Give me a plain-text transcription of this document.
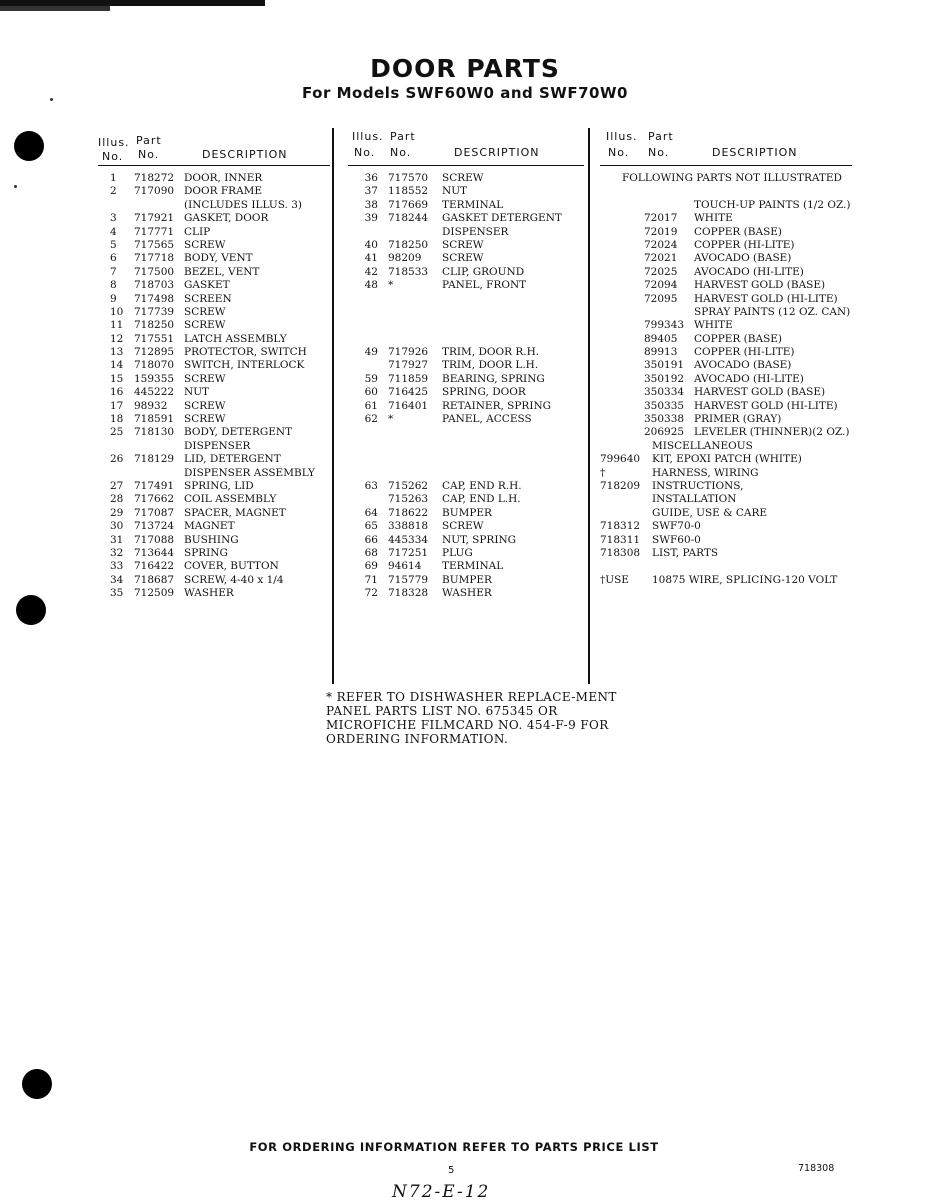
DOOR PARTS
For Models SWF60W0 and SWF70W0
Illus. Part
No. No.	DESCRIPTION
1	718272 DOOR, INNER
2	717090 DOOR FRAME
(INCLUDES ILLUS. 3)
3	717921 GASKET, DOOR
4	717771 CLIP
5	717565 SCREW
6	717718 BODY, VENT
7	717500 BEZEL, VENT
8	718703 GASKET
9	717498 SCREEN
10 717739 SCREW
11 718250 SCREW
12 717551 LATCH ASSEMBLY
13 712895 PROTECTOR, SWITCH
14 718070 SWITCH, INTERLOCK
15 159355 SCREW
16 445222 NUT
17 98932 SCREW
18 718591 SCREW
25 718130 BODY, DETERGENT
DISPENSER
26 718129 LID, DETERGENT
DISPENSER ASSEMBLY
27 717491 SPRING, LID
28 717662 COIL ASSEMBLY
29 717087 SPACER, MAGNET
30 713724 MAGNET
31 717088 BUSHING
32 713644 SPRING
33 716422 COVER, BUTTON
34 718687 SCREW, 4-40 x 1/4
35 712509 WASHER
Illus. Part
No. No.	DESCRIPTION
36 717570 SCREW
37 118552 NUT
38 717669 TERMINAL
39 718244 GASKET DETERGENT
DISPENSER
40 718250 SCREW
41 98209 SCREW
42 718533 CLIP, GROUND
48 *	PANEL, FRONT
49 717926 TRIM, DOOR R.H.
717927 TRIM, DOOR L.H.
59 711859 BEARING, SPRING
60 716425 SPRING, DOOR
61 716401 RETAINER, SPRING
62 *	PANEL, ACCESS
63 715262 CAP, END R.H.
715263 CAP, END L.H.
64 718622 BUMPER
65 338818 SCREW
66 445334 NUT, SPRING
68 717251 PLUG
69 94614 TERMINAL
71 715779 BUMPER
72 718328 WASHER
Illus. Part
No. No.	DESCRIPTION
FOLLOWING PARTS NOT ILLUSTRATED
TOUCH-UP PAINTS (1/2 OZ.)
72017 WHITE
72019 COPPER (BASE)
72024 COPPER (HI-LITE)
72021 AVOCADO (BASE)
72025 AVOCADO (HI-LITE)
72094 HARVEST GOLD (BASE)
72095 HARVEST GOLD (HI-LITE)
SPRAY PAINTS (12 OZ. CAN)
799343 WHITE
89405 COPPER (BASE)
89913 COPPER (HI-LITE)
350191 AVOCADO (BASE)
350192 AVOCADO (HI-LITE)
350334 HARVEST GOLD (BASE)
350335 HARVEST GOLD (HI-LITE)
350338 PRIMER (GRAY)
206925 LEVELER (THINNER)(2 OZ.)
MISCELLANEOUS
799640 KIT, EPOXI PATCH (WHITE)
†	HARNESS, WIRING
718209 INSTRUCTIONS,
INSTALLATION
GUIDE, USE & CARE
718312 SWF70-0
718311 SWF60-0
718308 LIST, PARTS
†USE 10875 WIRE, SPLICING-120 VOLT
* REFER TO DISHWASHER REPLACE-MENT PANEL PARTS LIST NO. 675345 OR MICROFICHE FILMCARD NO. 454-F-9 FOR ORDERING INFORMATION.
FOR ORDERING INFORMATION REFER TO PARTS PRICE LIST
5	718308
N72-E-12
